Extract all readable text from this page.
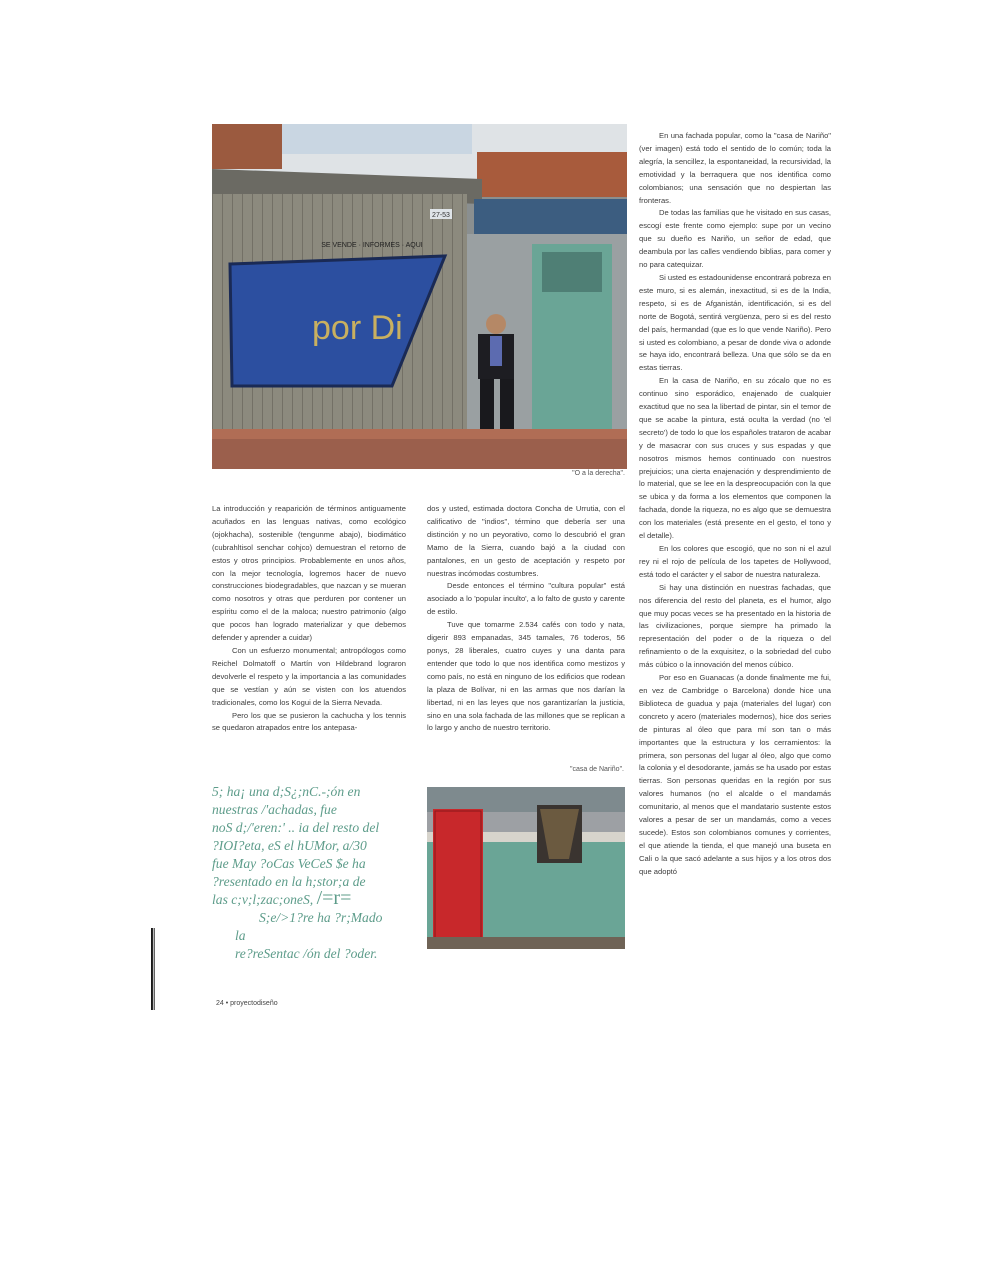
27-53
SE VENDE · INFORMES · AQUI
por Di

"O a la derecha".

La introducción y reaparición de términos antiguamente acuñados en las lenguas nativas, como ecológico (ojokhacha), sostenible (tengunme abajo), biodimático (cubrahltisol senchar cohjco) demuestran el retorno de estos y otros principios. Probablemente en unos años, con la mejor tecnología, logremos hacer de nuevo construcciones biodegradables, que nazcan y se mueran como nosotros y otras que perduren por contener un espíritu como el de la maloca; nuestro patrimonio (algo que pocos han logrado materializar y que debemos defender y aprender a cuidar)

Con un esfuerzo monumental; antropólogos como Reichel Dolmatoff o Martín von Hildebrand lograron devolverle el respeto y la importancia a las comunidades que se vestían y aún se visten con los atuendos tradicionales, como los Kogui de la Sierra Nevada.

Pero los que se pusieron la cachucha y los tennis se quedaron atrapados entre los antepasa-

dos y usted, estimada doctora Concha de Urrutia, con el calificativo de "indios", término que debería ser una distinción y no un peyorativo, como lo descubrió el gran Mamo de la Sierra, cuando bajó a la ciudad con pantalones, en un gesto de aceptación y respeto por nuestras incómodas costumbres.

Desde entonces el término "cultura popular" está asociado a lo 'popular inculto', a lo falto de gusto y carente de estilo.

Tuve que tomarme 2.534 cafés con todo y nata, digerir 893 empanadas, 345 tamales, 76 toderos, 56 ponys, 28 liberales, cuatro cuyes y una danta para entender que todo lo que nos identifica como mestizos y como país, no está en ninguno de los edificios que rodean la plaza de Bolívar, ni en las armas que nos darían la libertad, ni en las leyes que nos garantizarían la justicia, sino en una sola fachada de las millones que se replican a lo largo y ancho de nuestro territorio.

"casa de Nariño".

En una fachada popular, como la "casa de Nariño" (ver imagen) está todo el sentido de lo común; toda la alegría, la sencillez, la espontaneidad, la recursividad, la emotividad y la berraquera que nos identifica como colombianos; una sensación que no despiertan las fronteras.

De todas las familias que he visitado en sus casas, escogí este frente como ejemplo: supe por un vecino que su dueño es Nariño, un señor de edad, que deambula por las calles vendiendo biblias, para comer y no para catequizar.

Si usted es estadounidense encontrará pobreza en este muro, si es alemán, inexactitud, si es de la India, respeto, si es de Afganistán, identificación, si es del norte de Bogotá, sentirá vergüenza, pero si es del resto del país, hermandad (que es lo que vende Nariño). Pero si usted es colombiano, a pesar de donde viva o adonde se haya ido, encontrará belleza. Una que sólo se da en estas tierras.

En la casa de Nariño, en su zócalo que no es continuo sino esporádico, enajenado de cualquier exactitud que no sea la libertad de pintar, sin el temor de que se acabe la pintura, está oculta la verdad (no 'el secreto') de todo lo que los españoles trataron de acabar y de masacrar con sus cruces y sus espadas y que nosotros mismos hemos continuado con nuestros prejuicios; una cierta enajenación y desprendimiento de lo material, que se lee en la despreocupación con la que se ubica y da forma a los elementos que componen la fachada, donde la riqueza, no es algo que se demuestra con los materiales (está presente en el gesto, el tono y el detalle).

En los colores que escogió, que no son ni el azul rey ni el rojo de película de los tapetes de Hollywood, está todo el carácter y el sabor de nuestra naturaleza.

Si hay una distinción en nuestras fachadas, que nos diferencia del resto del planeta, es el humor, algo que muy pocas veces se ha presentado en la historia de las civilizaciones, porque siempre ha primado la representación del poder o de la riqueza o del refinamiento o de la exquisitez, o la sobriedad del cubo más cúbico o la innovación del menos cúbico.

Por eso en Guanacas (a donde finalmente me fui, en vez de Cambridge o Barcelona) donde hice una Biblioteca de guadua y paja (materiales del lugar) con concreto y acero (materiales modernos), hice dos series de pinturas al óleo que para mí son tan o más importantes que la estructura y los cerramientos: la primera, son personas del lugar al óleo, algo que como la colonia y el desodorante, jamás se ha usado por estas tierras. Son personas queridas en la región por sus valores humanos (no el alcalde o el mandamás comunitario, al menos que el mandatario sustente estos valores a pesar de ser un mandamás, como a veces sucede). Estos son colombianos comunes y corrientes, el que atiende la tienda, el que manejó una buseta en Cali o la que sacó adelante a sus hijos y a los otros dos que adoptó

5; ha¡ una d;S¿;nC.-;ón en
nuestras /'achadas, fue
noS d;/'eren:' .. ia del resto del
?IOI?eta, eS el hUMor, a/30
fue May ?oCas VeCeS $e ha
?resentado en la h;stor;a de
las c;v;l;zac;oneS, /=r=
S;e/>1?re ha ?r;Mado
la
re?reSentac /ón del ?oder.
24 • proyectodiseño
